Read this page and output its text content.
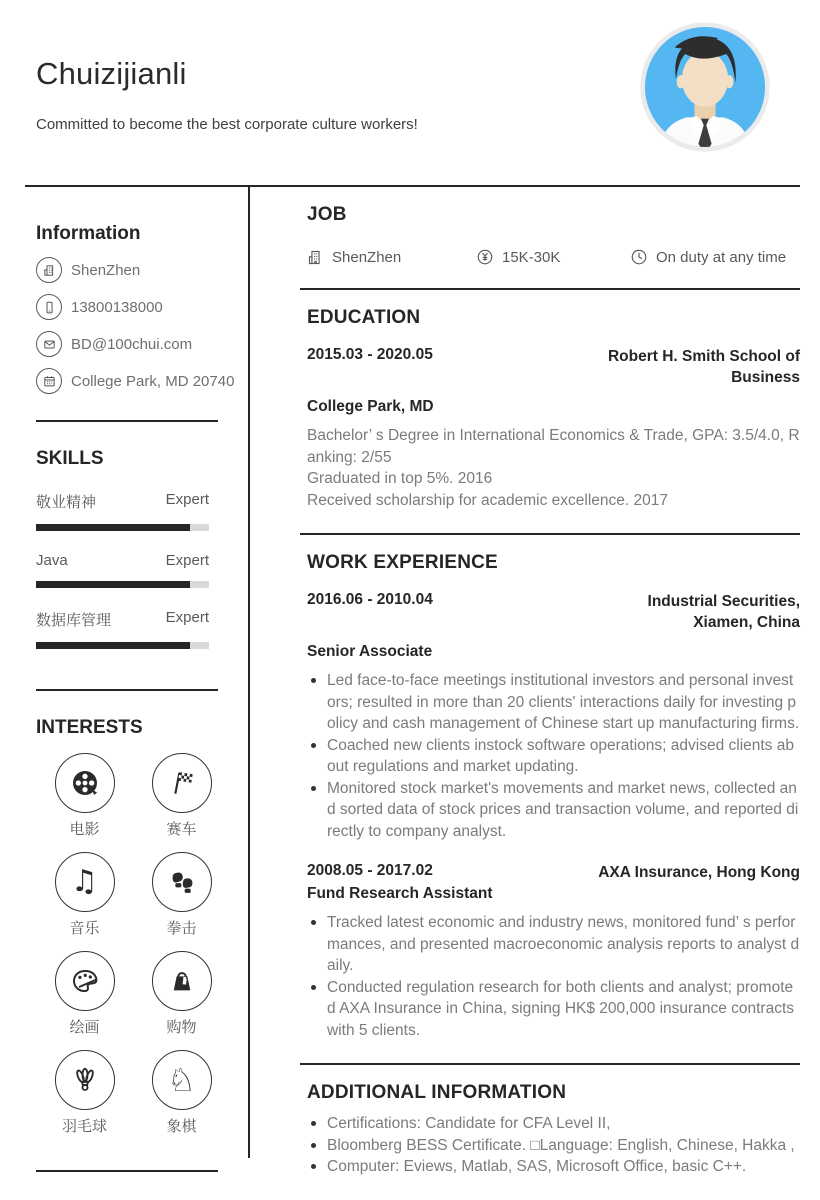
Chuizijianli
Committed to become the best corporate culture workers!
Information
ShenZhen
13800138000
BD@100chui.com
College Park, MD 20740
SKILLS
敬业精神	Expert
Java	Expert
数据库管理	Expert
INTERESTS
电影	赛车
♫
音乐	拳击
绘画	购物
羽毛球
♘
象棋
JOB
ShenZhen	15K-30K	On duty at any time
EDUCATION
2015.03 - 2020.05	Robert H. Smith School of Business
College Park, MD
Bachelor’ s Degree in International Economics & Trade, GPA: 3.5/4.0, Ranking: 2/55
Graduated in top 5%. 2016
Received scholarship for academic excellence. 2017
WORK EXPERIENCE
2016.06 - 2010.04	Industrial Securities, Xiamen, China
Senior Associate
Led face-to-face meetings institutional investors and personal investors; resulted in more than 20 clients' interactions daily for investing policy and cash management of Chinese start up manufacturing firms.
Coached new clients instock software operations; advised clients about regulations and market updating.
Monitored stock market's movements and market news, collected and sorted data of stock prices and transaction volume, and reported directly to company analyst.
2008.05 - 2017.02	AXA Insurance, Hong Kong
Fund Research Assistant
Tracked latest economic and industry news, monitored fund’ s performances, and presented macroeconomic analysis reports to analyst daily.
Conducted regulation research for both clients and analyst; promoted AXA Insurance in China, signing HK$ 200,000 insurance contracts with 5 clients.
ADDITIONAL INFORMATION
Certifications: Candidate for CFA Level II,
Bloomberg BESS Certificate. □Language: English, Chinese, Hakka ,
Computer: Eviews, Matlab, SAS, Microsoft Office, basic C++.
